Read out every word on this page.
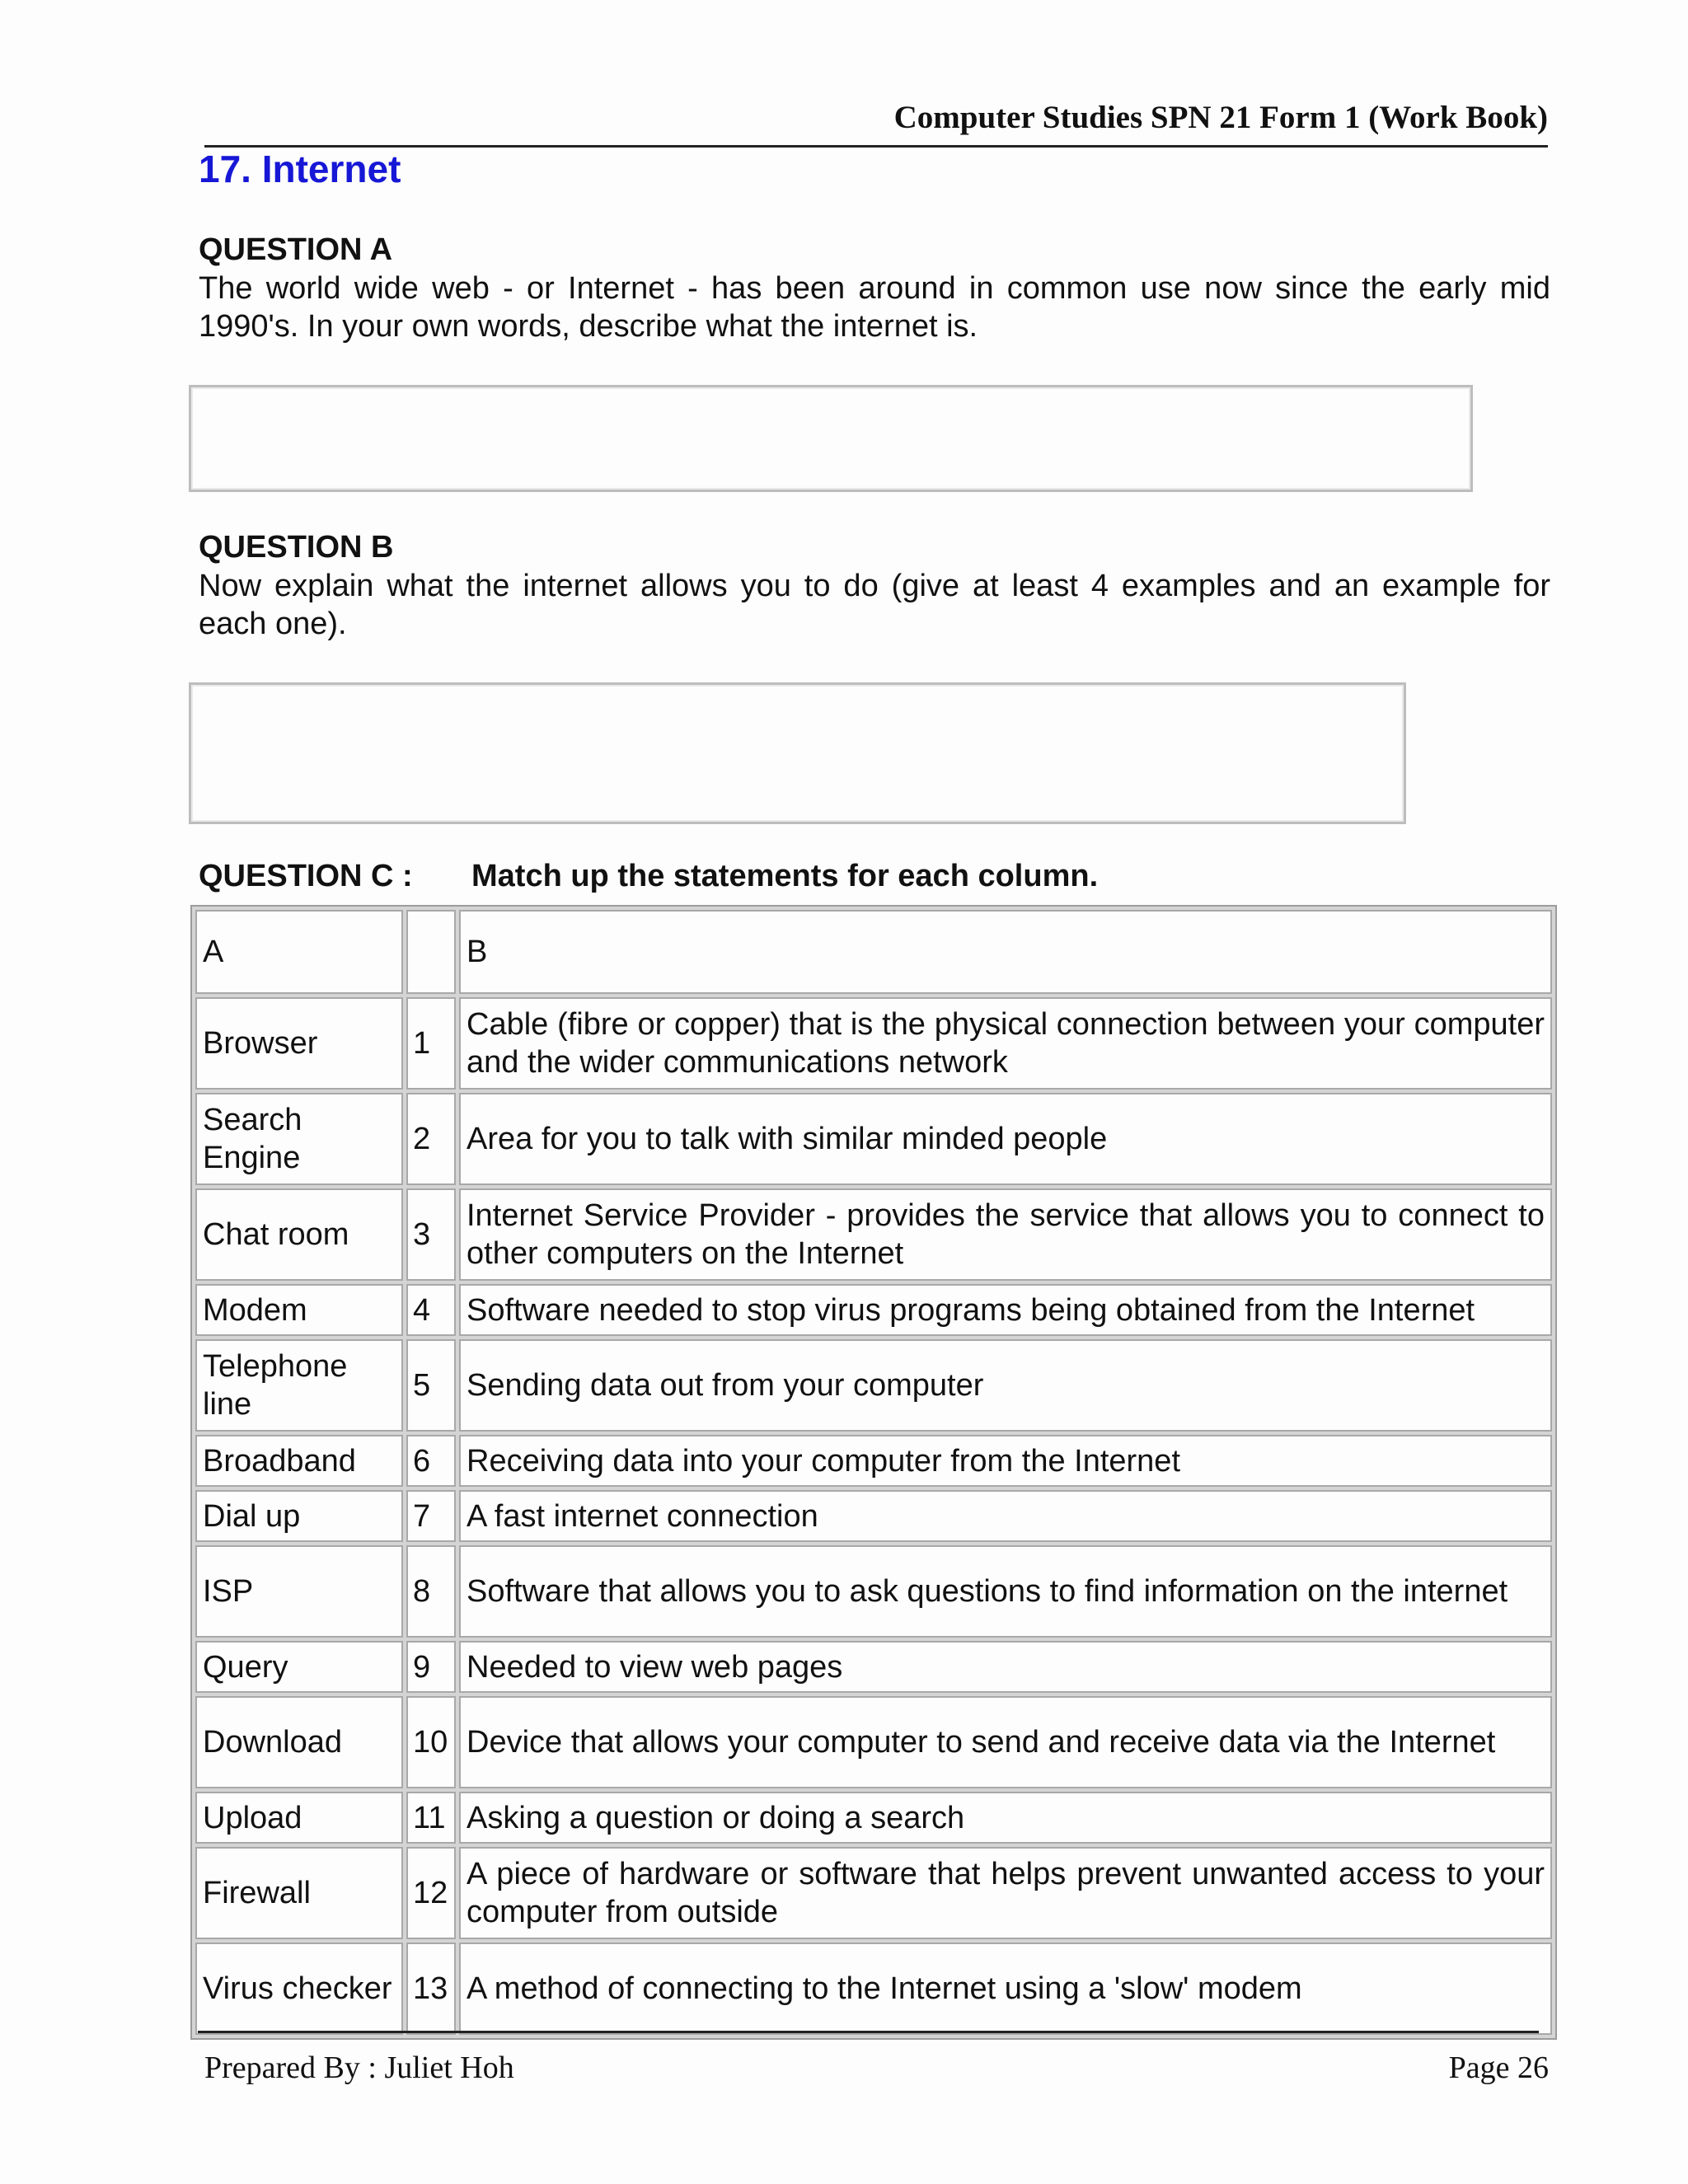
Computer Studies SPN 21 Form 1 (Work Book)
17. Internet
QUESTION A
The world wide web - or Internet - has been around in common use now since the early mid 1990's. In your own words, describe what the internet is.
QUESTION B
Now explain what the internet allows you to do (give at least 4 examples and an example for each one).
QUESTION C : Match up the statements for each column.
A		B
Browser	1	Cable (fibre or copper) that is the physical connection between your computer and the wider communications network
Search Engine	2	Area for you to talk with similar minded people
Chat room	3	Internet Service Provider - provides the service that allows you to connect to other computers on the Internet
Modem	4	Software needed to stop virus programs being obtained from the Internet
Telephone line	5	Sending data out from your computer
Broadband	6	Receiving data into your computer from the Internet
Dial up	7	A fast internet connection
ISP	8	Software that allows you to ask questions to find information on the internet
Query	9	Needed to view web pages
Download	10	Device that allows your computer to send and receive data via the Internet
Upload	11	Asking a question or doing a search
Firewall	12	A piece of hardware or software that helps prevent unwanted access to your computer from outside
Virus checker	13	A method of connecting to the Internet using a 'slow' modem
Prepared By : Juliet Hoh	Page 26
